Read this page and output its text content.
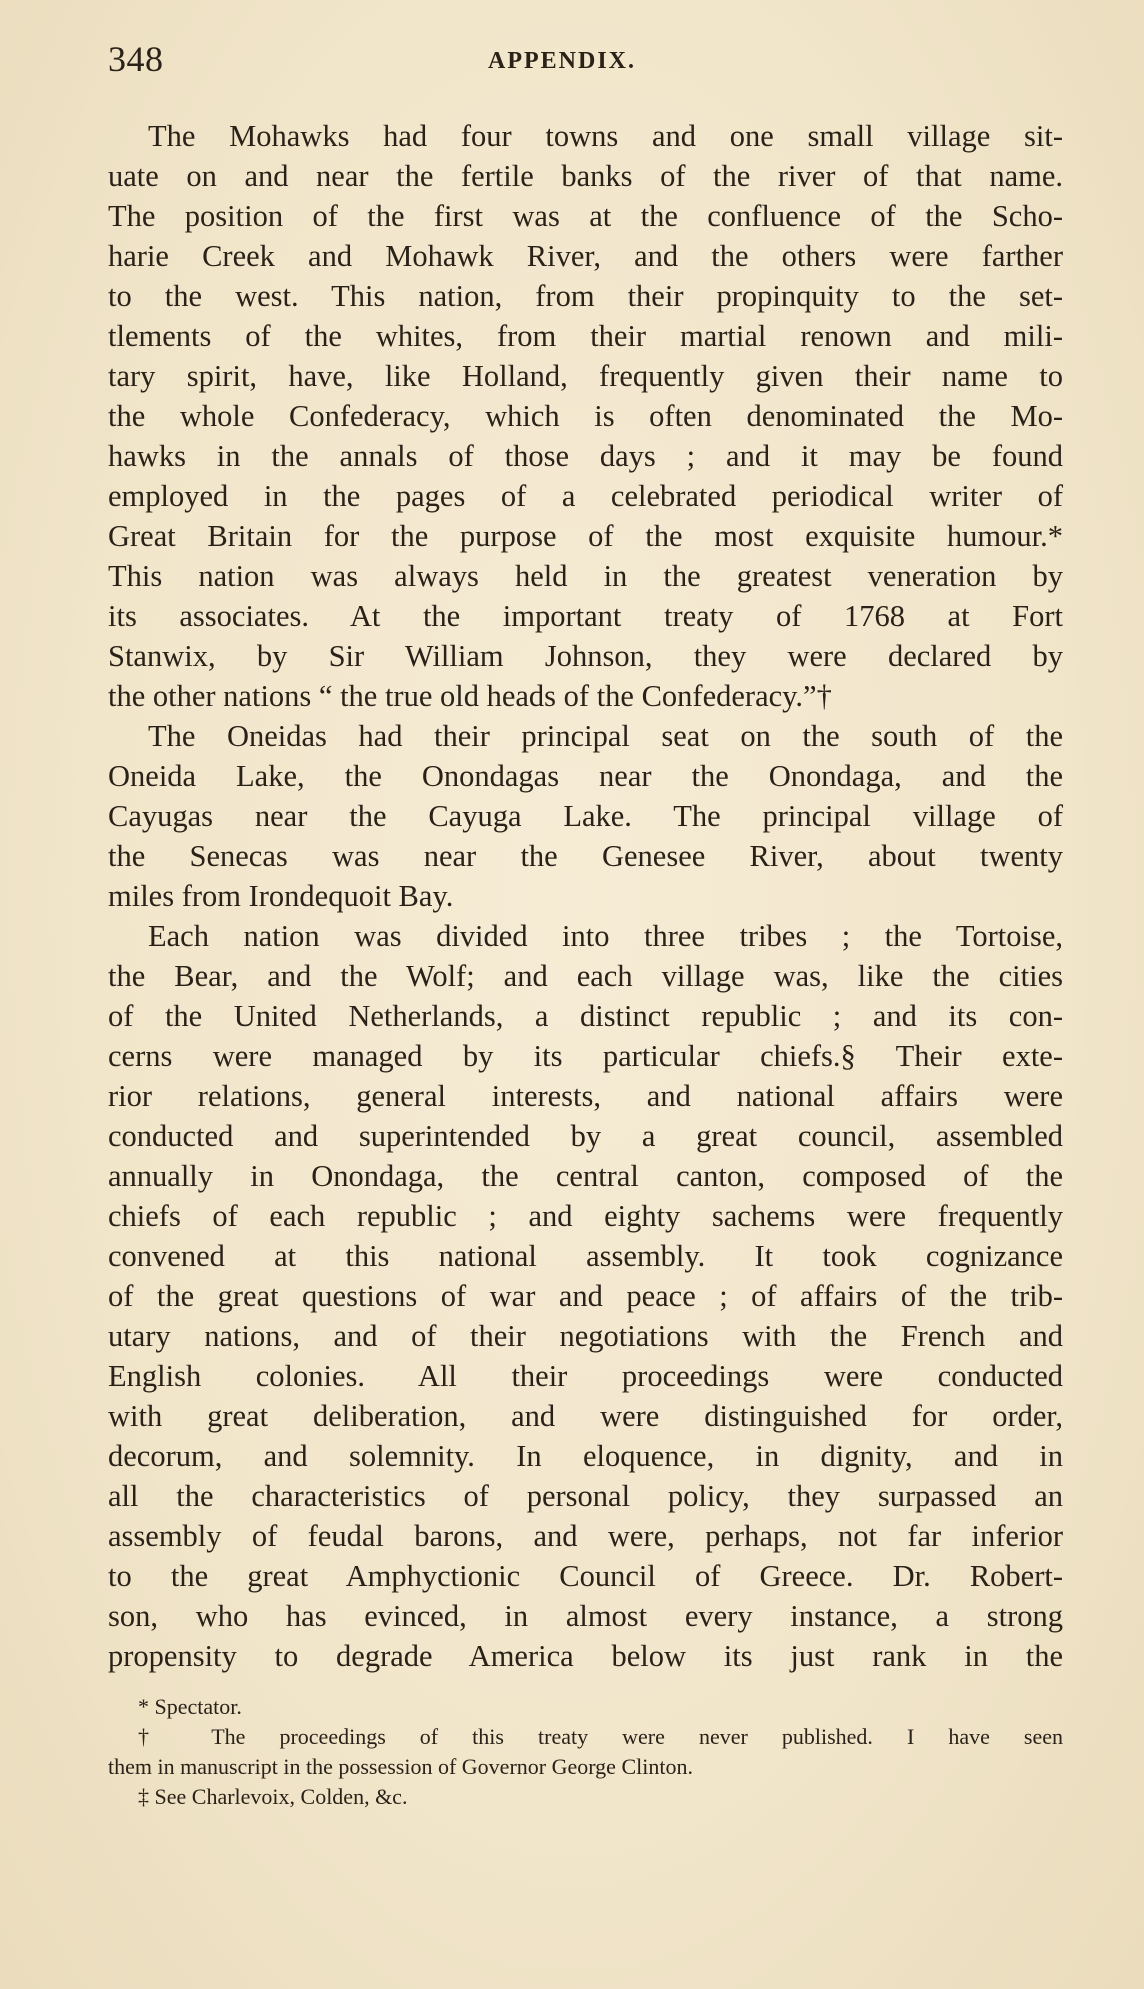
348	APPENDIX.
The Mohawks had four towns and one small village sit-
uate on and near the fertile banks of the river of that name.
The position of the first was at the confluence of the Scho-
harie Creek and Mohawk River, and the others were farther
to the west. This nation, from their propinquity to the set-
tlements of the whites, from their martial renown and mili-
tary spirit, have, like Holland, frequently given their name to
the whole Confederacy, which is often denominated the Mo-
hawks in the annals of those days ; and it may be found
employed in the pages of a celebrated periodical writer of
Great Britain for the purpose of the most exquisite humour.*
This nation was always held in the greatest veneration by
its associates. At the important treaty of 1768 at Fort
Stanwix, by Sir William Johnson, they were declared by
the other nations “ the true old heads of the Confederacy.”†
The Oneidas had their principal seat on the south of the
Oneida Lake, the Onondagas near the Onondaga, and the
Cayugas near the Cayuga Lake. The principal village of
the Senecas was near the Genesee River, about twenty
miles from Irondequoit Bay.
Each nation was divided into three tribes ; the Tortoise,
the Bear, and the Wolf; and each village was, like the cities
of the United Netherlands, a distinct republic ; and its con-
cerns were managed by its particular chiefs.§ Their exte-
rior relations, general interests, and national affairs were
conducted and superintended by a great council, assembled
annually in Onondaga, the central canton, composed of the
chiefs of each republic ; and eighty sachems were frequently
convened at this national assembly. It took cognizance
of the great questions of war and peace ; of affairs of the trib-
utary nations, and of their negotiations with the French and
English colonies. All their proceedings were conducted
with great deliberation, and were distinguished for order,
decorum, and solemnity. In eloquence, in dignity, and in
all the characteristics of personal policy, they surpassed an
assembly of feudal barons, and were, perhaps, not far inferior
to the great Amphyctionic Council of Greece. Dr. Robert-
son, who has evinced, in almost every instance, a strong
propensity to degrade America below its just rank in the
* Spectator.
† The proceedings of this treaty were never published. I have seen
them in manuscript in the possession of Governor George Clinton.
‡ See Charlevoix, Colden, &c.
